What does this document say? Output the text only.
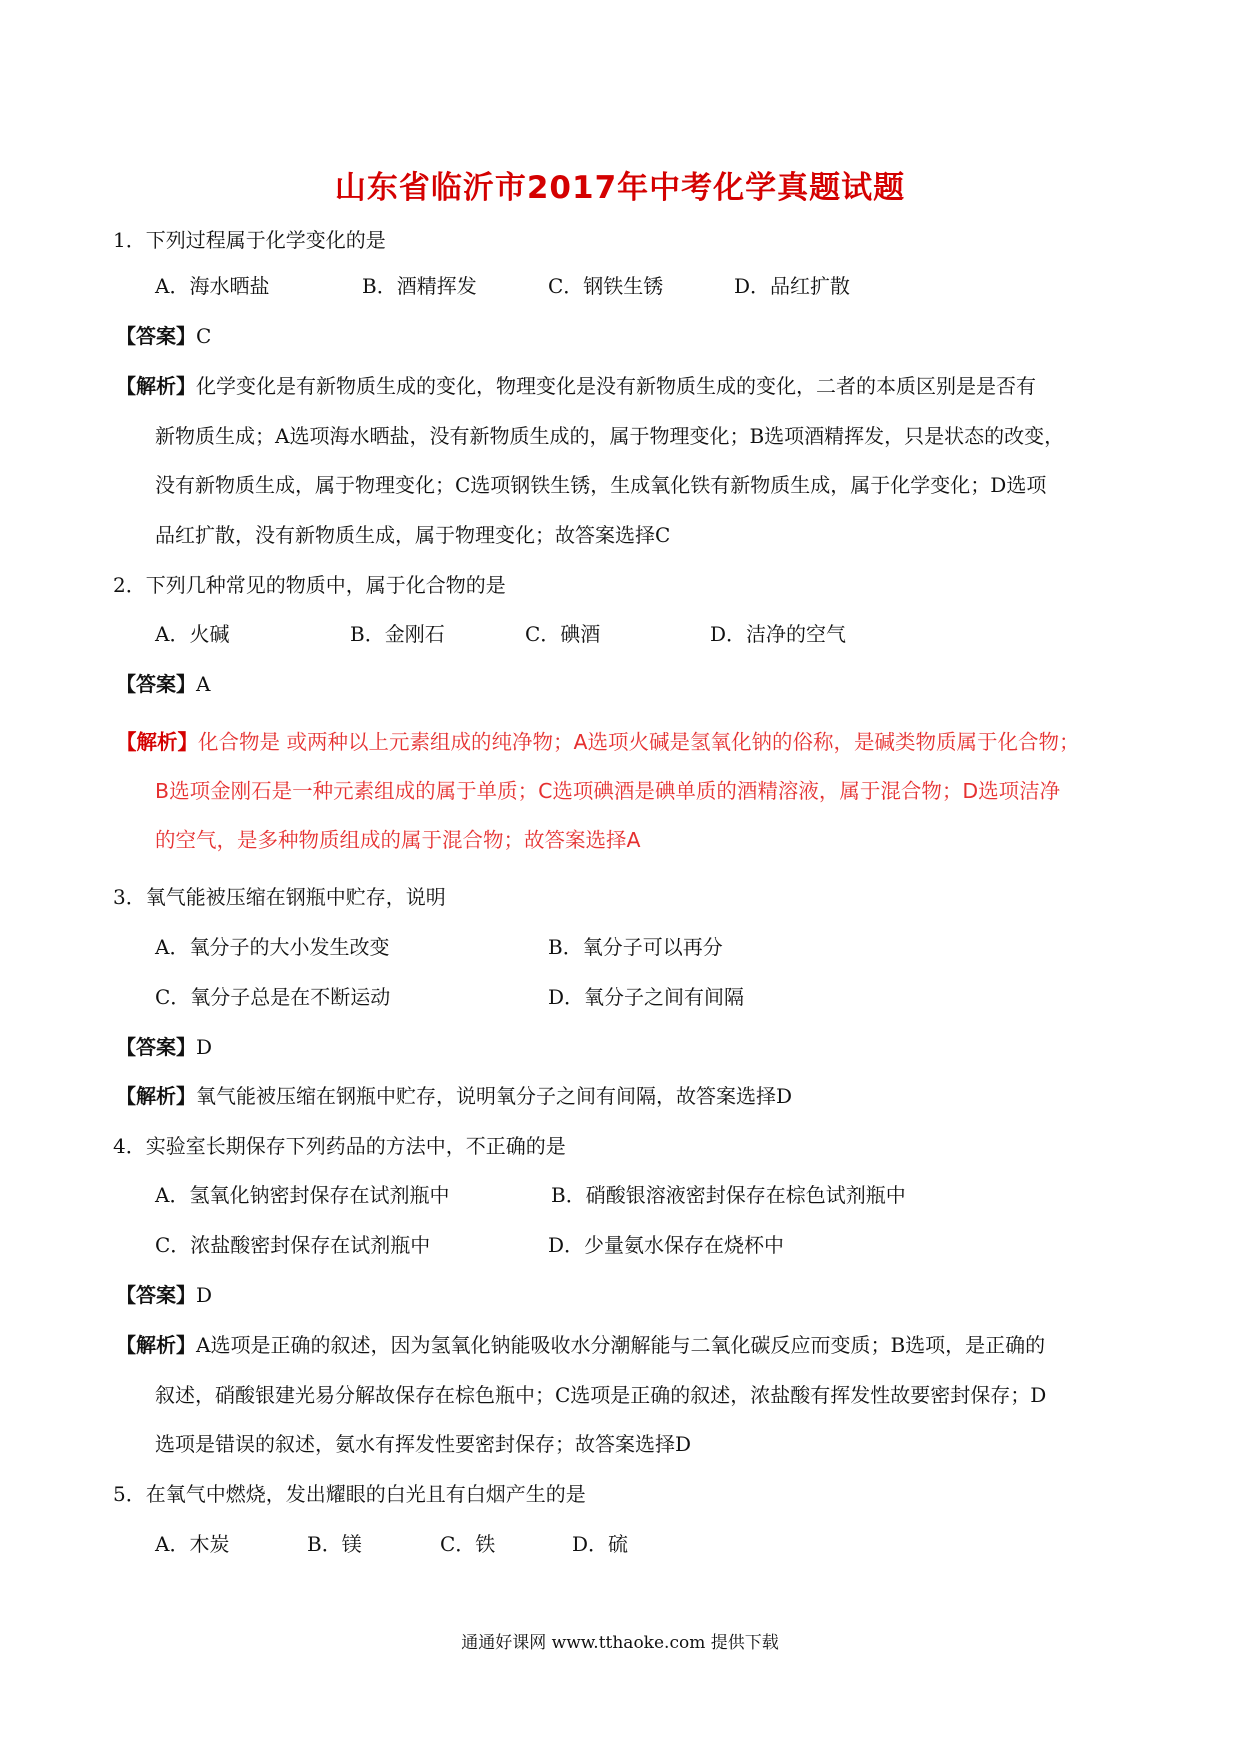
山东省临沂市2017年中考化学真题试题
1．下列过程属于化学变化的是
A．海水晒盐	B．酒精挥发	C．钢铁生锈	D．品红扩散
【答案】C
【解析】化学变化是有新物质生成的变化，物理变化是没有新物质生成的变化，二者的本质区别是是否有
新物质生成；A选项海水晒盐，没有新物质生成的，属于物理变化；B选项酒精挥发，只是状态的改变，
没有新物质生成，属于物理变化；C选项钢铁生锈，生成氧化铁有新物质生成，属于化学变化；D选项
品红扩散，没有新物质生成，属于物理变化；故答案选择C
2．下列几种常见的物质中，属于化合物的是
A．火碱	B．金刚石	C．碘酒	D．洁净的空气
【答案】A
【解析】化合物是 或两种以上元素组成的纯净物；A选项火碱是氢氧化钠的俗称，是碱类物质属于化合物；
B选项金刚石是一种元素组成的属于单质；C选项碘酒是碘单质的酒精溶液，属于混合物；D选项洁净
的空气，是多种物质组成的属于混合物；故答案选择A
3．氧气能被压缩在钢瓶中贮存，说明
A．氧分子的大小发生改变	B．氧分子可以再分
C．氧分子总是在不断运动	D．氧分子之间有间隔
【答案】D
【解析】氧气能被压缩在钢瓶中贮存，说明氧分子之间有间隔，故答案选择D
4．实验室长期保存下列药品的方法中，不正确的是
A．氢氧化钠密封保存在试剂瓶中	B．硝酸银溶液密封保存在棕色试剂瓶中
C．浓盐酸密封保存在试剂瓶中	D．少量氨水保存在烧杯中
【答案】D
【解析】A选项是正确的叙述，因为氢氧化钠能吸收水分潮解能与二氧化碳反应而变质；B选项，是正确的
叙述，硝酸银建光易分解故保存在棕色瓶中；C选项是正确的叙述，浓盐酸有挥发性故要密封保存；D
选项是错误的叙述，氨水有挥发性要密封保存；故答案选择D
5．在氧气中燃烧，发出耀眼的白光且有白烟产生的是
A．木炭	B．镁	C．铁	D．硫
通通好课网 www.tthaoke.com 提供下载
